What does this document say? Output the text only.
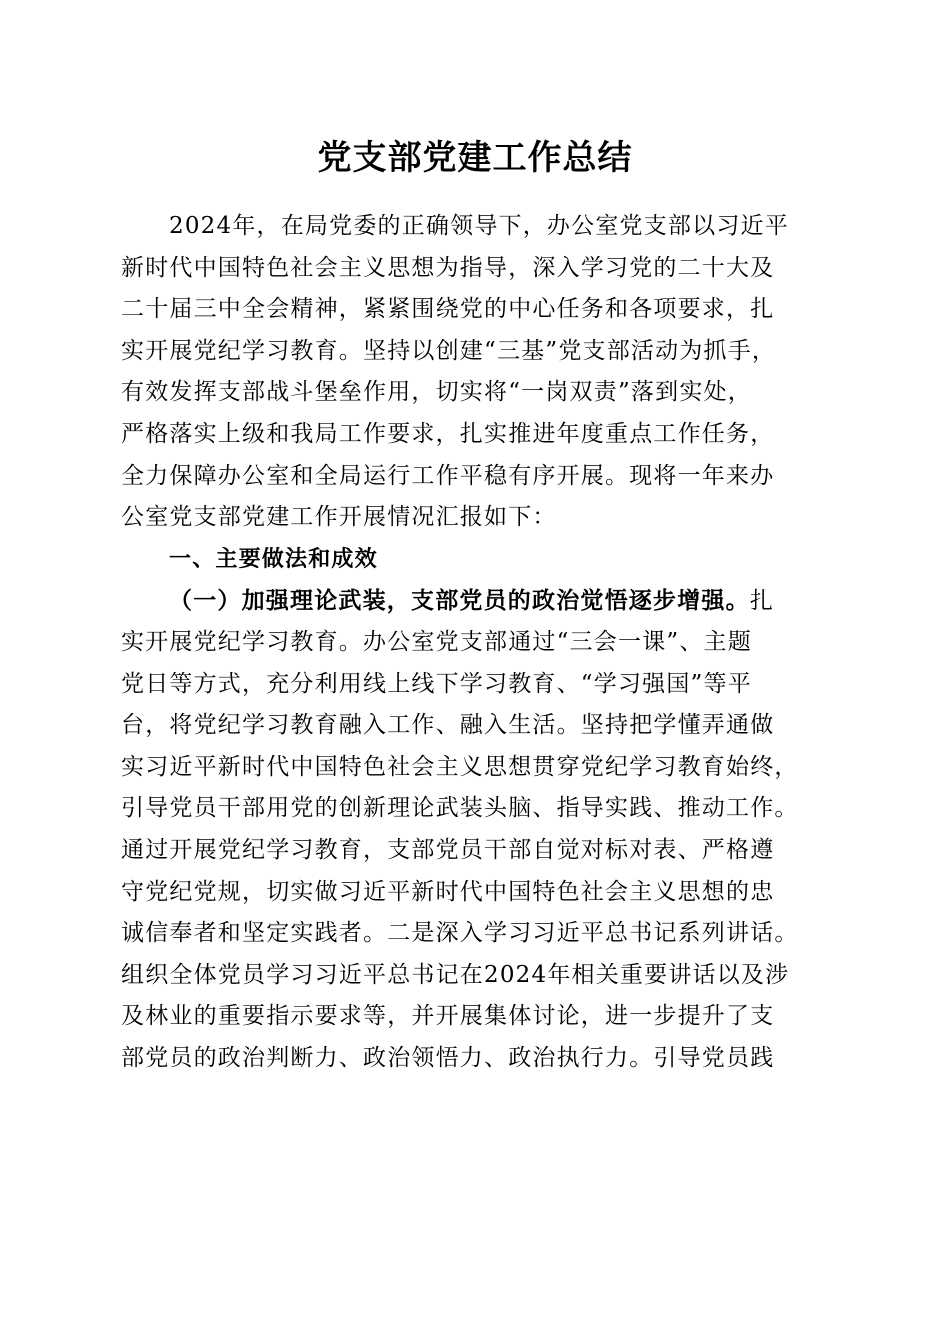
党支部党建工作总结
2024年，在局党委的正确领导下，办公室党支部以习近平
新时代中国特色社会主义思想为指导，深入学习党的二十大及
二十届三中全会精神，紧紧围绕党的中心任务和各项要求，扎
实开展党纪学习教育。坚持以创建“三基”党支部活动为抓手，
有效发挥支部战斗堡垒作用，切实将“一岗双责”落到实处，
严格落实上级和我局工作要求，扎实推进年度重点工作任务，
全力保障办公室和全局运行工作平稳有序开展。现将一年来办
公室党支部党建工作开展情况汇报如下：
一、主要做法和成效
（一）加强理论武装，支部党员的政治觉悟逐步增强。扎
实开展党纪学习教育。办公室党支部通过“三会一课”、主题
党日等方式，充分利用线上线下学习教育、“学习强国”等平
台，将党纪学习教育融入工作、融入生活。坚持把学懂弄通做
实习近平新时代中国特色社会主义思想贯穿党纪学习教育始终，
引导党员干部用党的创新理论武装头脑、指导实践、推动工作。
通过开展党纪学习教育，支部党员干部自觉对标对表、严格遵
守党纪党规，切实做习近平新时代中国特色社会主义思想的忠
诚信奉者和坚定实践者。二是深入学习习近平总书记系列讲话。
组织全体党员学习习近平总书记在2024年相关重要讲话以及涉
及林业的重要指示要求等，并开展集体讨论，进一步提升了支
部党员的政治判断力、政治领悟力、政治执行力。引导党员践
